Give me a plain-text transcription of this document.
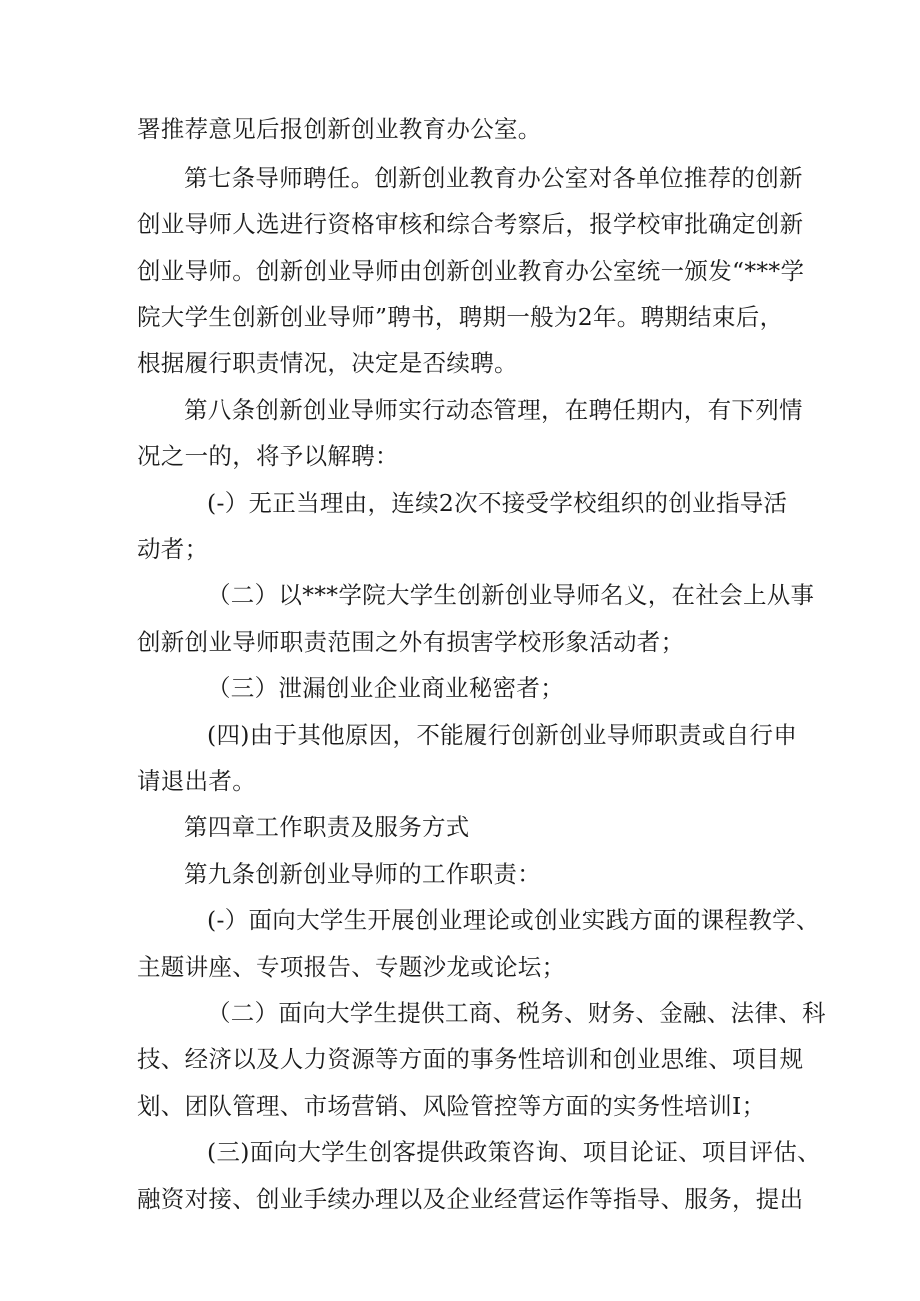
署推荐意见后报创新创业教育办公室。

第七条导师聘任。创新创业教育办公室对各单位推荐的创新

创业导师人选进行资格审核和综合考察后，报学校审批确定创新

创业导师。创新创业导师由创新创业教育办公室统一颁发“***学

院大学生创新创业导师”聘书，聘期一般为2年。聘期结束后，

根据履行职责情况，决定是否续聘。

第八条创新创业导师实行动态管理，在聘任期内，有下列情

况之一的，将予以解聘：

(-）无正当理由，连续2次不接受学校组织的创业指导活

动者；

（二）以***学院大学生创新创业导师名义，在社会上从事

创新创业导师职责范围之外有损害学校形象活动者；

（三）泄漏创业企业商业秘密者；

(四)由于其他原因，不能履行创新创业导师职责或自行申

请退出者。

第四章工作职责及服务方式

第九条创新创业导师的工作职责：

(-）面向大学生开展创业理论或创业实践方面的课程教学、

主题讲座、专项报告、专题沙龙或论坛；

（二）面向大学生提供工商、税务、财务、金融、法律、科

技、经济以及人力资源等方面的事务性培训和创业思维、项目规

划、团队管理、市场营销、风险管控等方面的实务性培训I；

(三)面向大学生创客提供政策咨询、项目论证、项目评估、

融资对接、创业手续办理以及企业经营运作等指导、服务，提出
